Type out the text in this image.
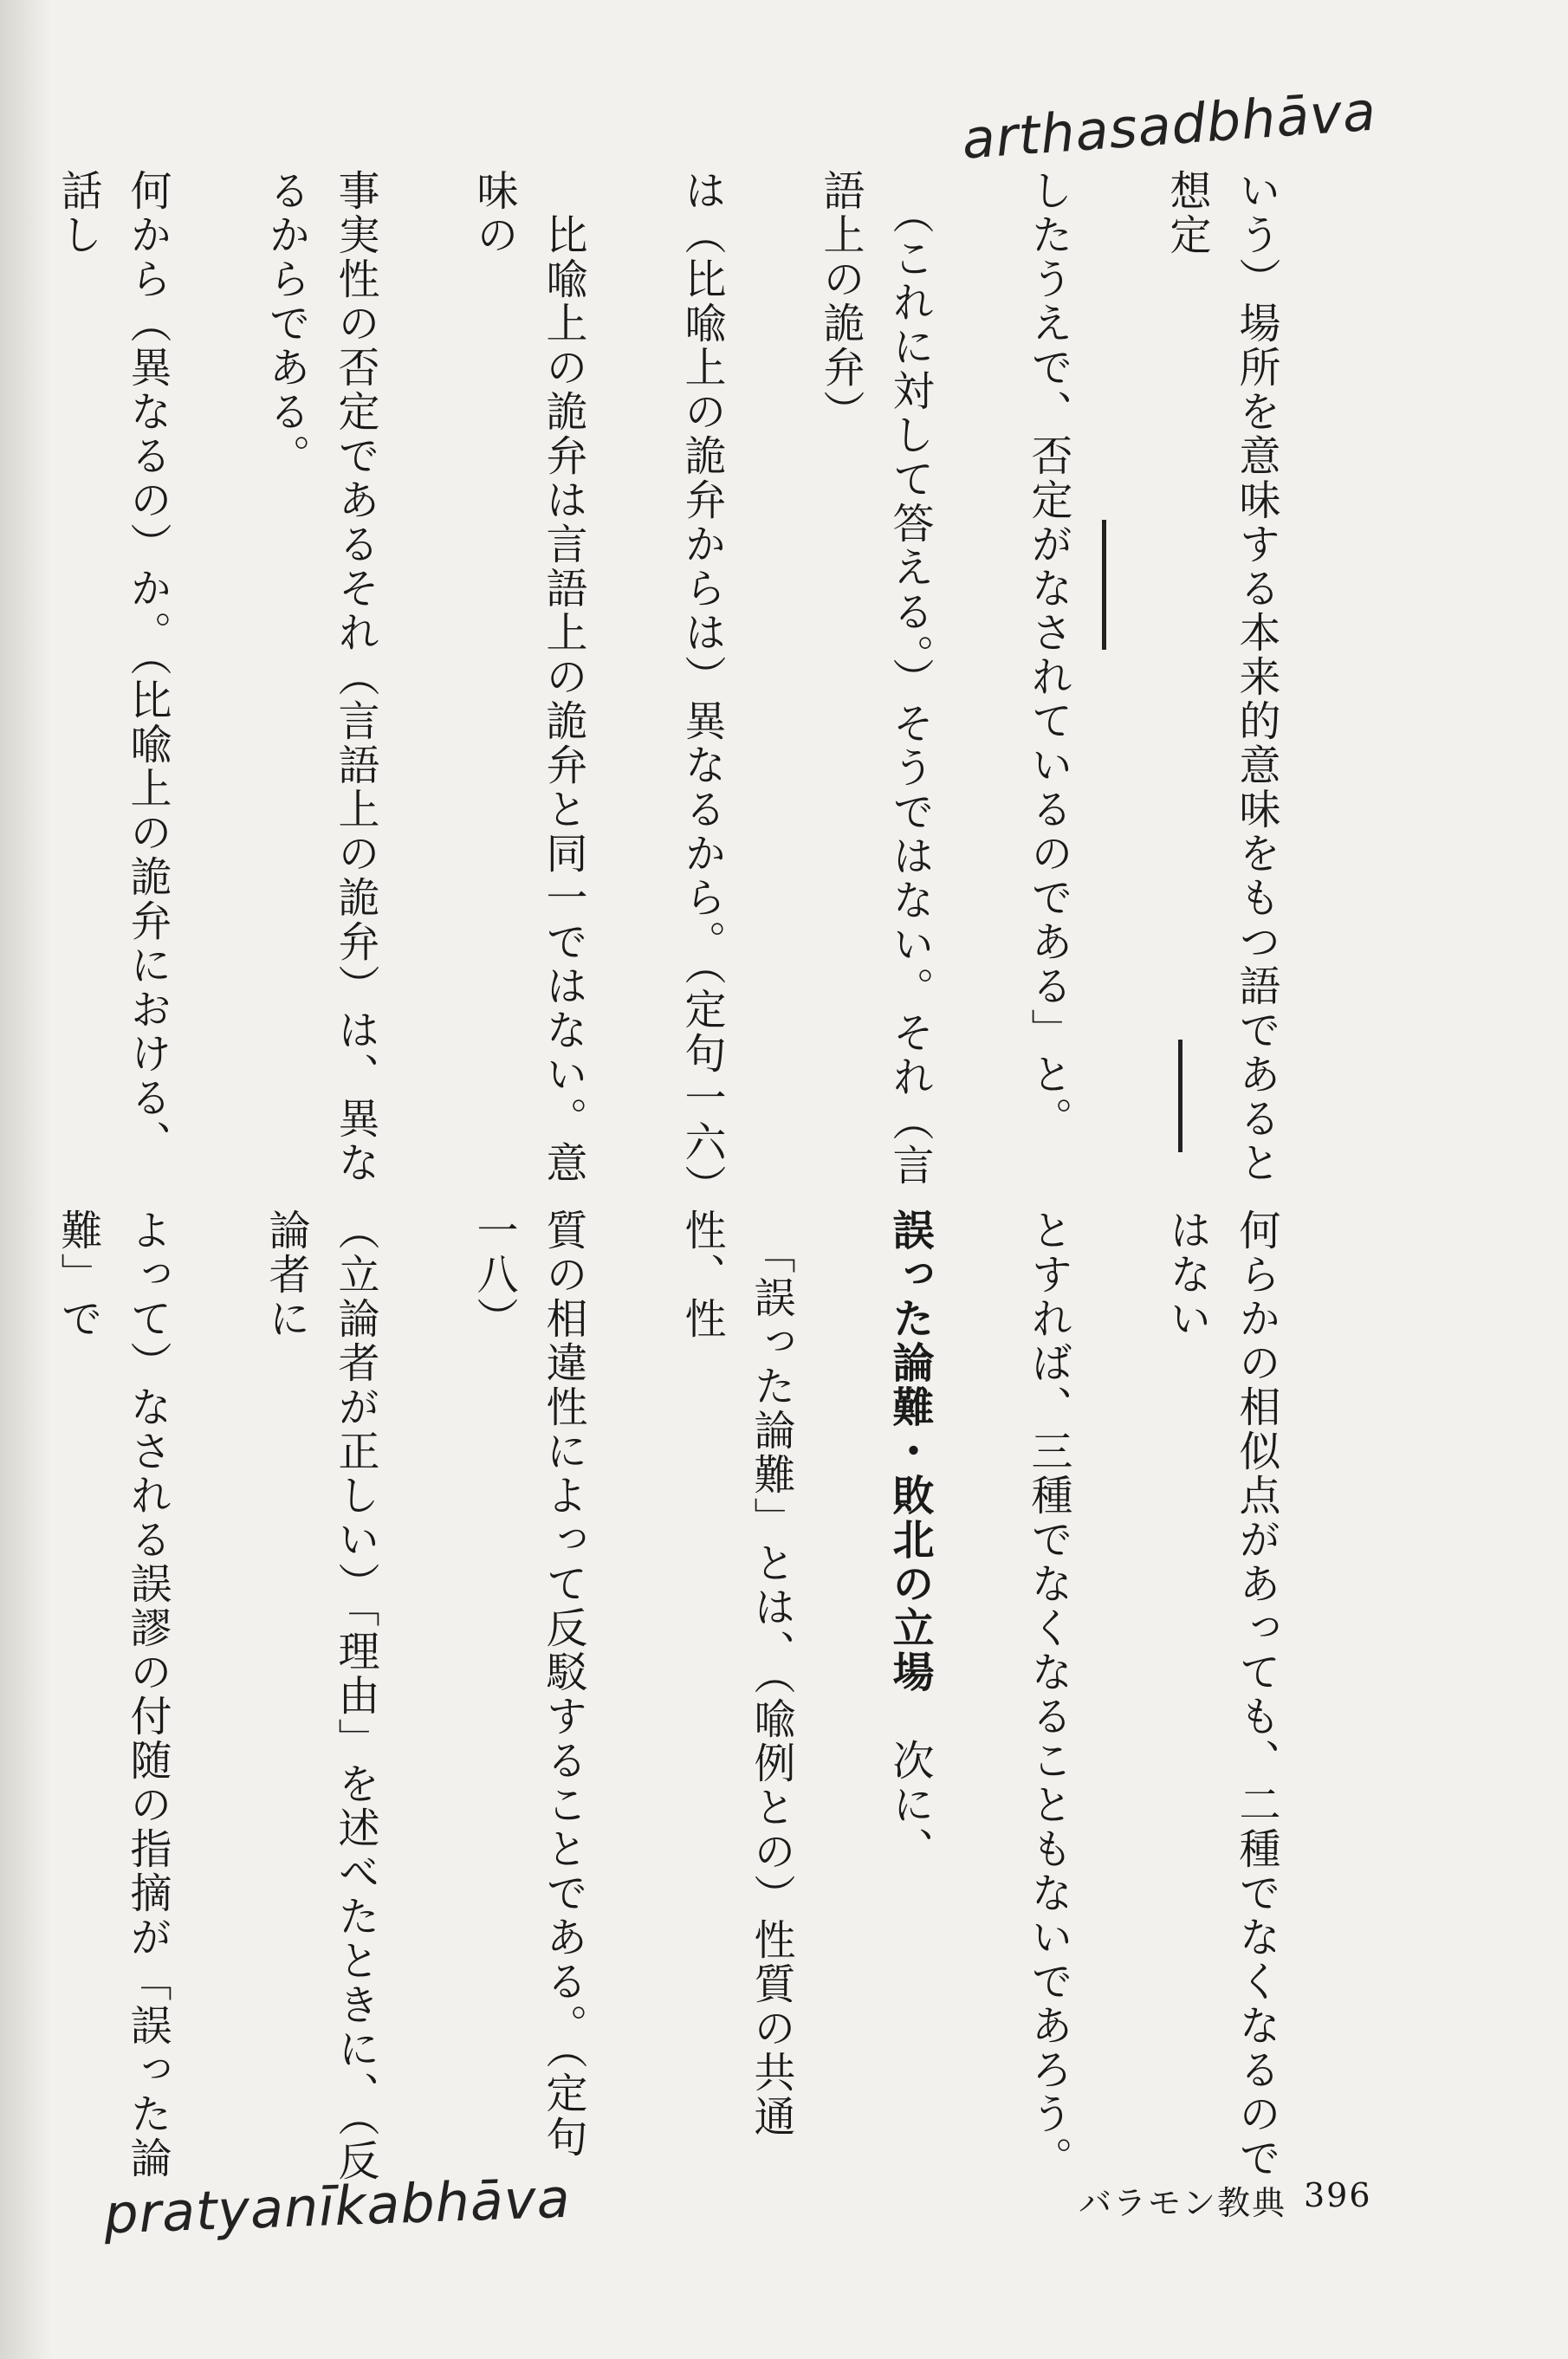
arthasadbhāva

いう）場所を意味する本来的意味をもつ語であると想定

したうえで、否定がなされているのである」と。

　（これに対して答える。）そうではない。それ（言語上の詭弁）

は（比喩上の詭弁からは）異なるから。（定句一六）

　比喩上の詭弁は言語上の詭弁と同一ではない。意味の

事実性の否定であるそれ（言語上の詭弁）は、異なるからである。

何から（異なるの）か。（比喩上の詭弁における、話し

何らかの相似点があっても、二種でなくなるのではない

とすれば、三種でなくなることもないであろう。

誤った論難・敗北の立場　次に、

　「誤った論難」とは、（喩例との）性質の共通性、性

質の相違性によって反駁することである。（定句一八）

（立論者が正しい）「理由」を述べたときに、（反論者に

よって）なされる誤謬の付随の指摘が「誤った論難」で

pratyanīkabhāva	バラモン教典 396
